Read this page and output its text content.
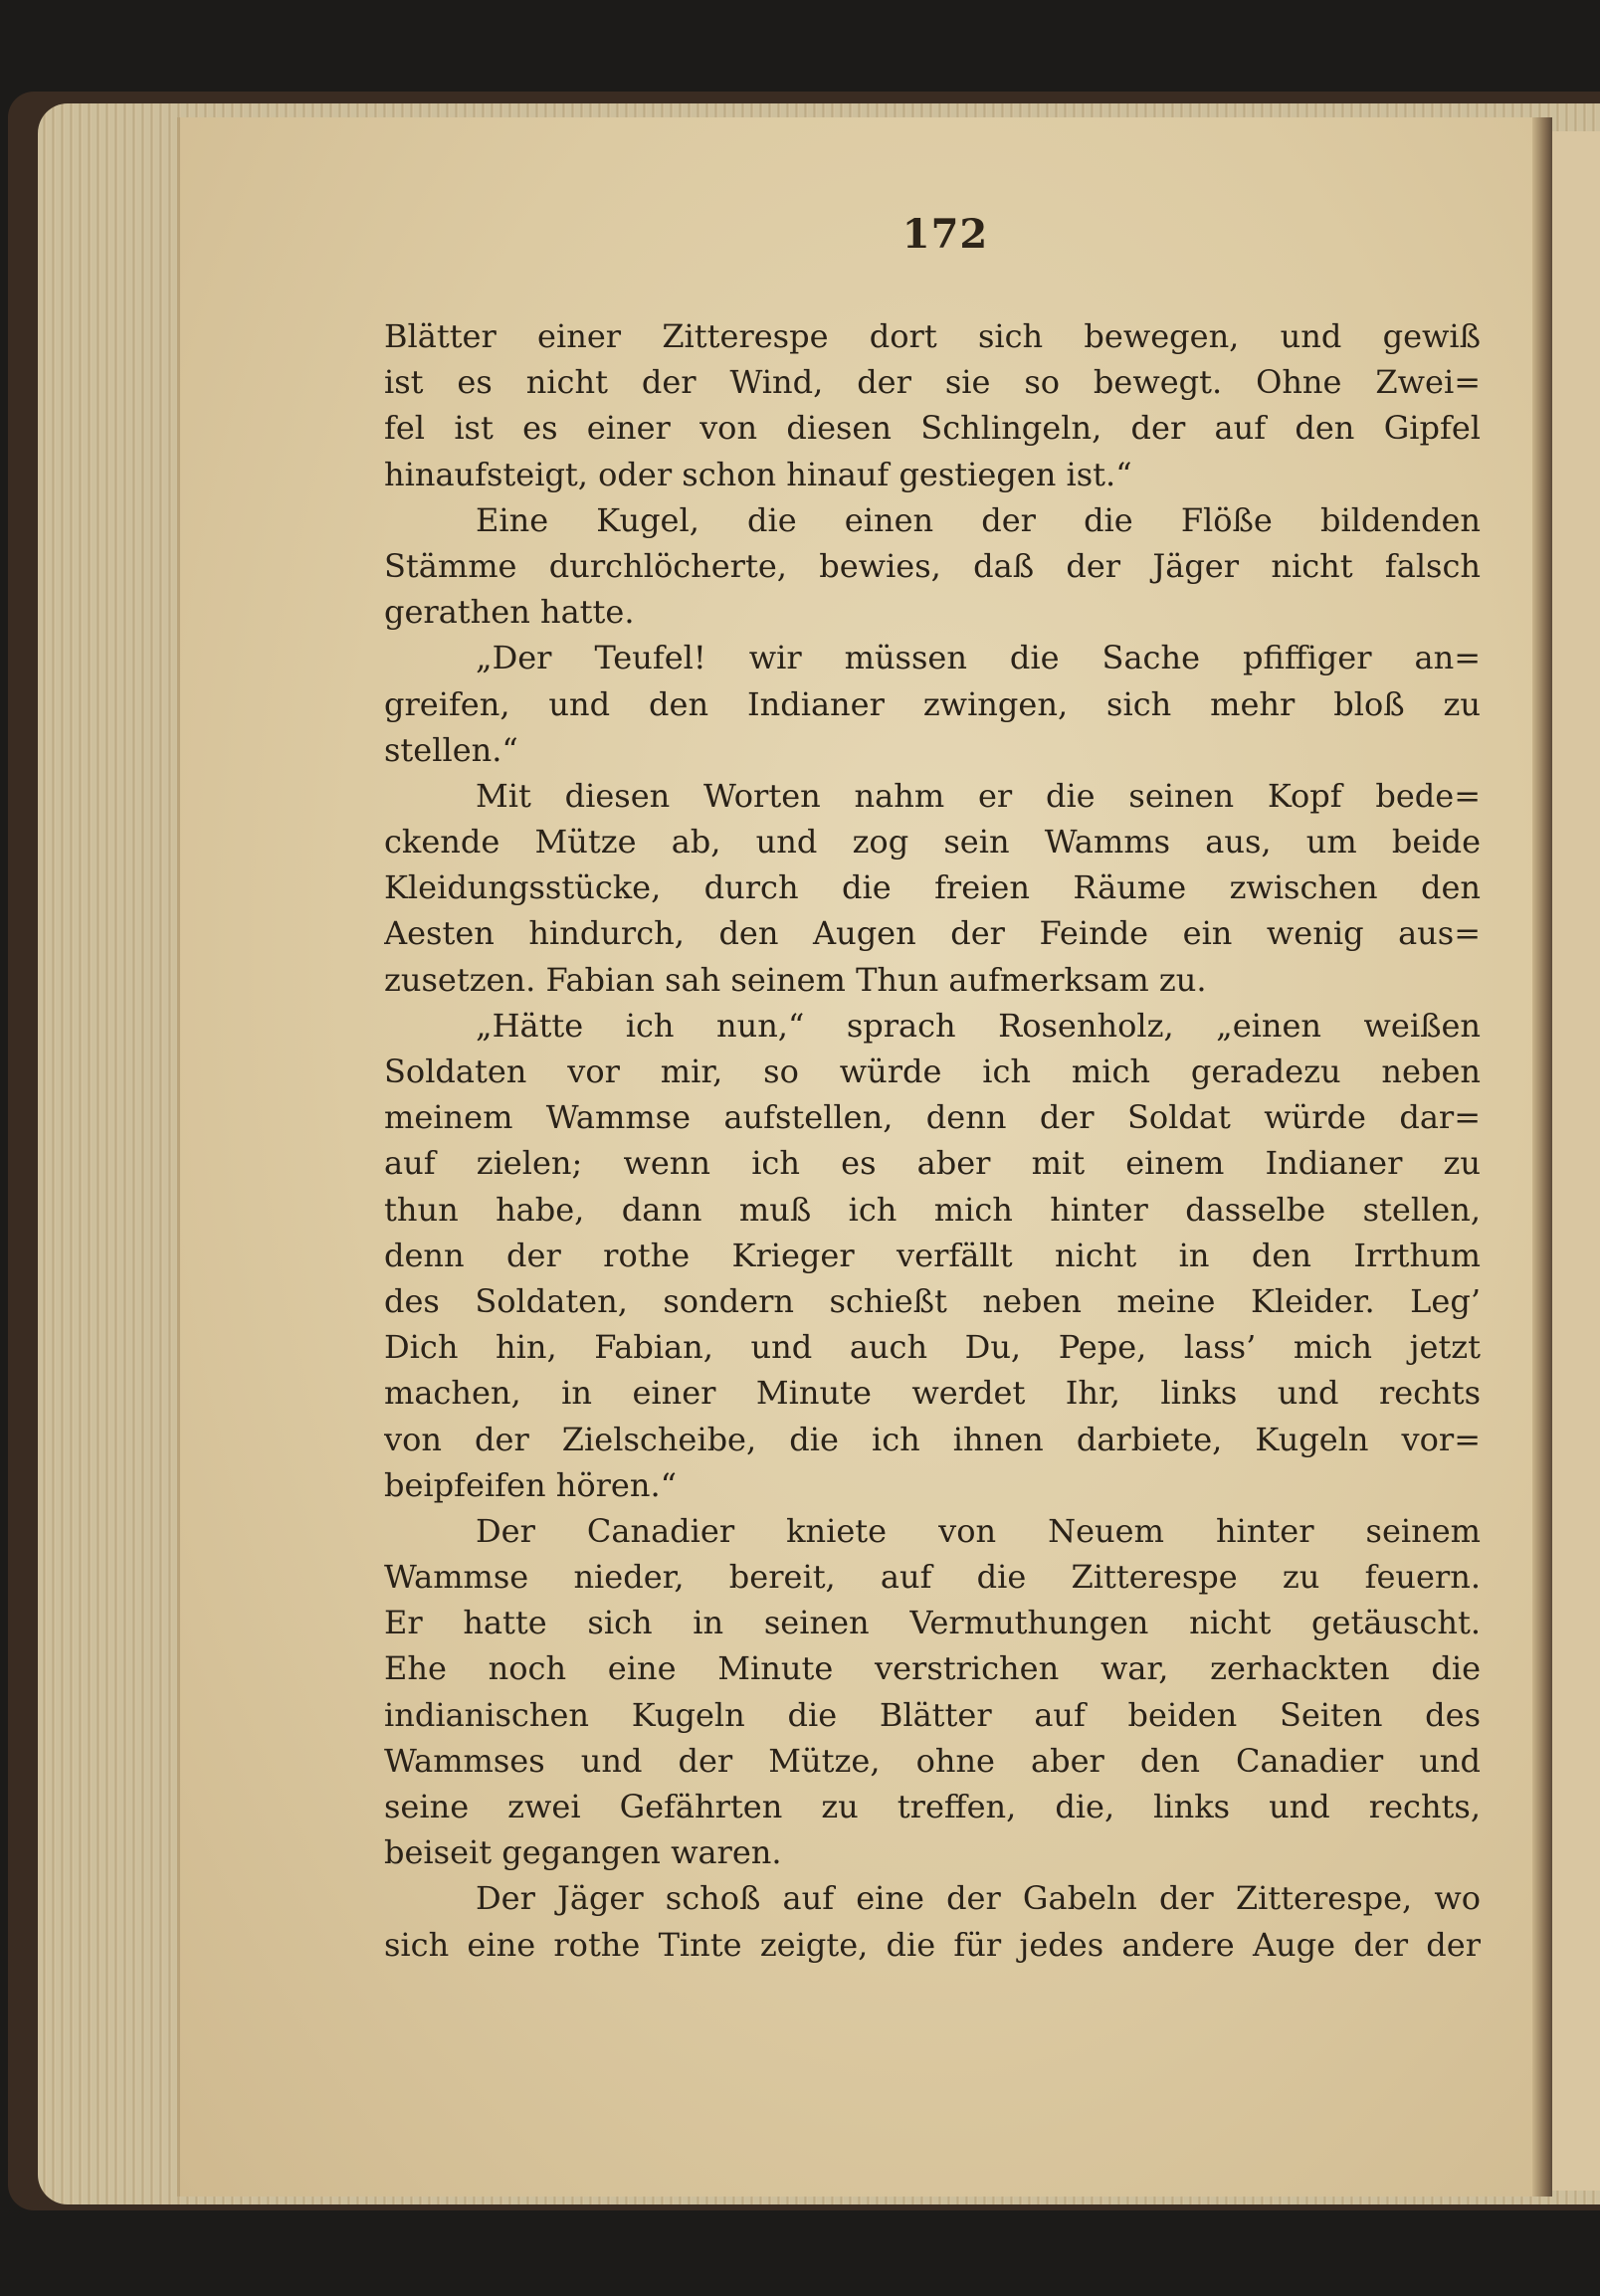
172
Blätter einer Zitterespe dort sich bewegen, und gewiß
ist es nicht der Wind, der sie so bewegt. Ohne Zwei=
fel ist es einer von diesen Schlingeln, der auf den Gipfel
hinaufsteigt, oder schon hinauf gestiegen ist.“
Eine Kugel, die einen der die Flöße bildenden
Stämme durchlöcherte, bewies, daß der Jäger nicht falsch
gerathen hatte.
„Der Teufel! wir müssen die Sache pfiffiger an=
greifen, und den Indianer zwingen, sich mehr bloß zu
stellen.“
Mit diesen Worten nahm er die seinen Kopf bede=
ckende Mütze ab, und zog sein Wamms aus, um beide
Kleidungsstücke, durch die freien Räume zwischen den
Aesten hindurch, den Augen der Feinde ein wenig aus=
zusetzen. Fabian sah seinem Thun aufmerksam zu.
„Hätte ich nun,“ sprach Rosenholz, „einen weißen
Soldaten vor mir, so würde ich mich geradezu neben
meinem Wammse aufstellen, denn der Soldat würde dar=
auf zielen; wenn ich es aber mit einem Indianer zu
thun habe, dann muß ich mich hinter dasselbe stellen,
denn der rothe Krieger verfällt nicht in den Irrthum
des Soldaten, sondern schießt neben meine Kleider. Leg’
Dich hin, Fabian, und auch Du, Pepe, lass’ mich jetzt
machen, in einer Minute werdet Ihr, links und rechts
von der Zielscheibe, die ich ihnen darbiete, Kugeln vor=
beipfeifen hören.“
Der Canadier kniete von Neuem hinter seinem
Wammse nieder, bereit, auf die Zitterespe zu feuern.
Er hatte sich in seinen Vermuthungen nicht getäuscht.
Ehe noch eine Minute verstrichen war, zerhackten die
indianischen Kugeln die Blätter auf beiden Seiten des
Wammses und der Mütze, ohne aber den Canadier und
seine zwei Gefährten zu treffen, die, links und rechts,
beiseit gegangen waren.
Der Jäger schoß auf eine der Gabeln der Zitterespe, wo
sich eine rothe Tinte zeigte, die für jedes andere Auge der der
